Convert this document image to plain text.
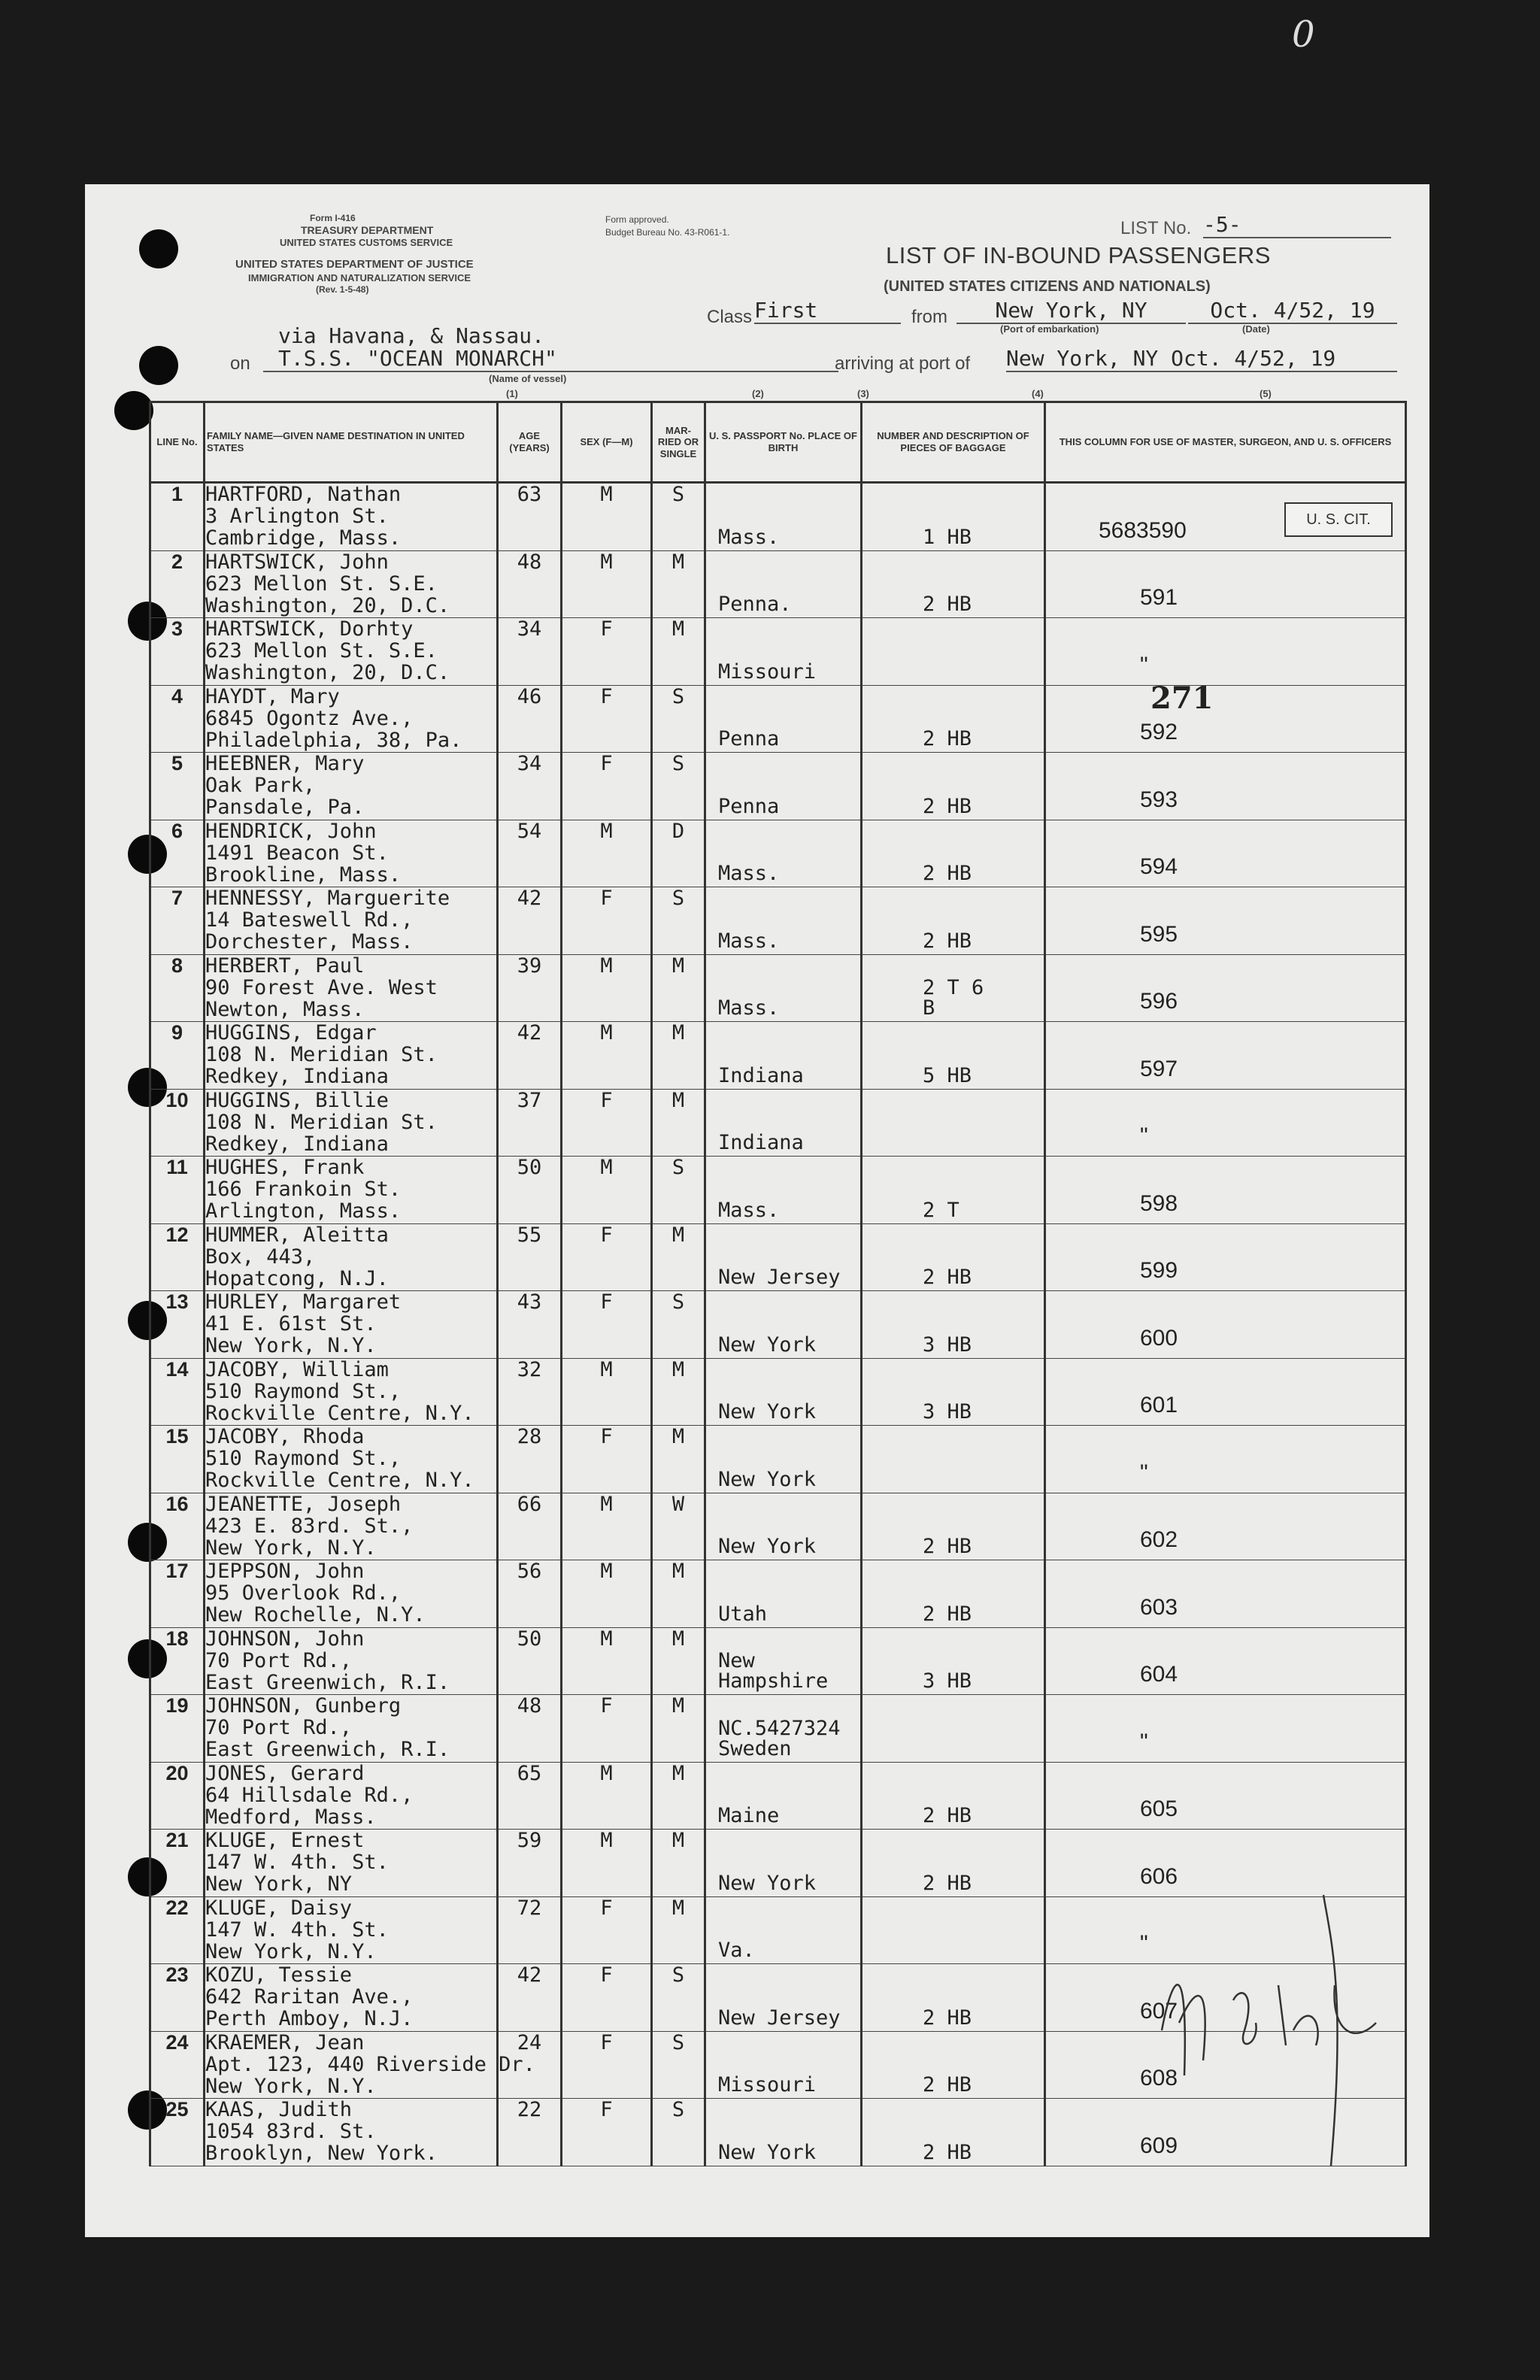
0
Form I-416
TREASURY DEPARTMENT
UNITED STATES CUSTOMS SERVICE
UNITED STATES DEPARTMENT OF JUSTICE
IMMIGRATION AND NATURALIZATION SERVICE
(Rev. 1-5-48)
Form approved.
Budget Bureau No. 43-R061-1.	LIST No. -5-
LIST OF IN-BOUND PASSENGERS
(UNITED STATES CITIZENS AND NATIONALS)
Class First	from	New York, NY	Oct. 4/52, 19
(Port of embarkation)	(Date)
via Havana, & Nassau.
on	T.S.S. "OCEAN MONARCH"
(Name of vessel)
arriving at port of New York, NY Oct. 4/52, 19
(1)	(2)	(3)	(4)	(5)
LINE No.	FAMILY NAME—GIVEN NAME DESTINATION IN UNITED STATES	AGE (YEARS)	SEX (F—M)	MAR-RIED OR SINGLE	U. S. PASSPORT No. PLACE OF BIRTH	NUMBER AND DESCRIPTION OF PIECES OF BAGGAGE	THIS COLUMN FOR USE OF MASTER, SURGEON, AND U. S. OFFICERS

1	HARTFORD, Nathan
3 Arlington St.
Cambridge, Mass.	63	M	S	Mass.	1 HB	5683590

2	HARTSWICK, John
623 Mellon St. S.E.
Washington, 20, D.C.	48	M	M	Penna.	2 HB	591

3	HARTSWICK, Dorhty
623 Mellon St. S.E.
Washington, 20, D.C.	34	F	M	Missouri		"

4	HAYDT, Mary
6845 Ogontz Ave.,
Philadelphia, 38, Pa.	46	F	S	Penna	2 HB	592

5	HEEBNER, Mary
Oak Park,
Pansdale, Pa.	34	F	S	Penna	2 HB	593

6	HENDRICK, John
1491 Beacon St.
Brookline, Mass.	54	M	D	Mass.	2 HB	594

7	HENNESSY, Marguerite
14 Bateswell Rd.,
Dorchester, Mass.	42	F	S	Mass.	2 HB	595

8	HERBERT, Paul
90 Forest Ave. West
Newton, Mass.	39	M	M	Mass.	2 T 6 B	596

9	HUGGINS, Edgar
108 N. Meridian St.
Redkey, Indiana	42	M	M	Indiana	5 HB	597

10	HUGGINS, Billie
108 N. Meridian St.
Redkey, Indiana	37	F	M	Indiana		"

11	HUGHES, Frank
166 Frankoin St.
Arlington, Mass.	50	M	S	Mass.	2 T	598

12	HUMMER, Aleitta
Box, 443,
Hopatcong, N.J.	55	F	M	New Jersey	2 HB	599

13	HURLEY, Margaret
41 E. 61st St.
New York, N.Y.	43	F	S	New York	3 HB	600

14	JACOBY, William
510 Raymond St.,
Rockville Centre, N.Y.	32	M	M	New York	3 HB	601

15	JACOBY, Rhoda
510 Raymond St.,
Rockville Centre, N.Y.	28	F	M	New York		"

16	JEANETTE, Joseph
423 E. 83rd. St.,
New York, N.Y.	66	M	W	New York	2 HB	602

17	JEPPSON, John
95 Overlook Rd.,
New Rochelle, N.Y.	56	M	M	Utah	2 HB	603

18	JOHNSON, John
70 Port Rd.,
East Greenwich, R.I.	50	M	M	New Hampshire	3 HB	604

19	JOHNSON, Gunberg
70 Port Rd.,
East Greenwich, R.I.	48	F	M	NC.5427324 Sweden		"

20	JONES, Gerard
64 Hillsdale Rd.,
Medford, Mass.	65	M	M	Maine	2 HB	605

21	KLUGE, Ernest
147 W. 4th. St.
New York, NY	59	M	M	New York	2 HB	606

22	KLUGE, Daisy
147 W. 4th. St.
New York, N.Y.	72	F	M	Va.		"

23	KOZU, Tessie
642 Raritan Ave.,
Perth Amboy, N.J.	42	F	S	New Jersey	2 HB	607

24	KRAEMER, Jean
Apt. 123, 440 Riverside Dr.
New York, N.Y.	24	F	S	Missouri	2 HB	608

25	KAAS, Judith
1054 83rd. St.
Brooklyn, New York.	22	F	S	New York	2 HB	609
U. S. CIT.
271
